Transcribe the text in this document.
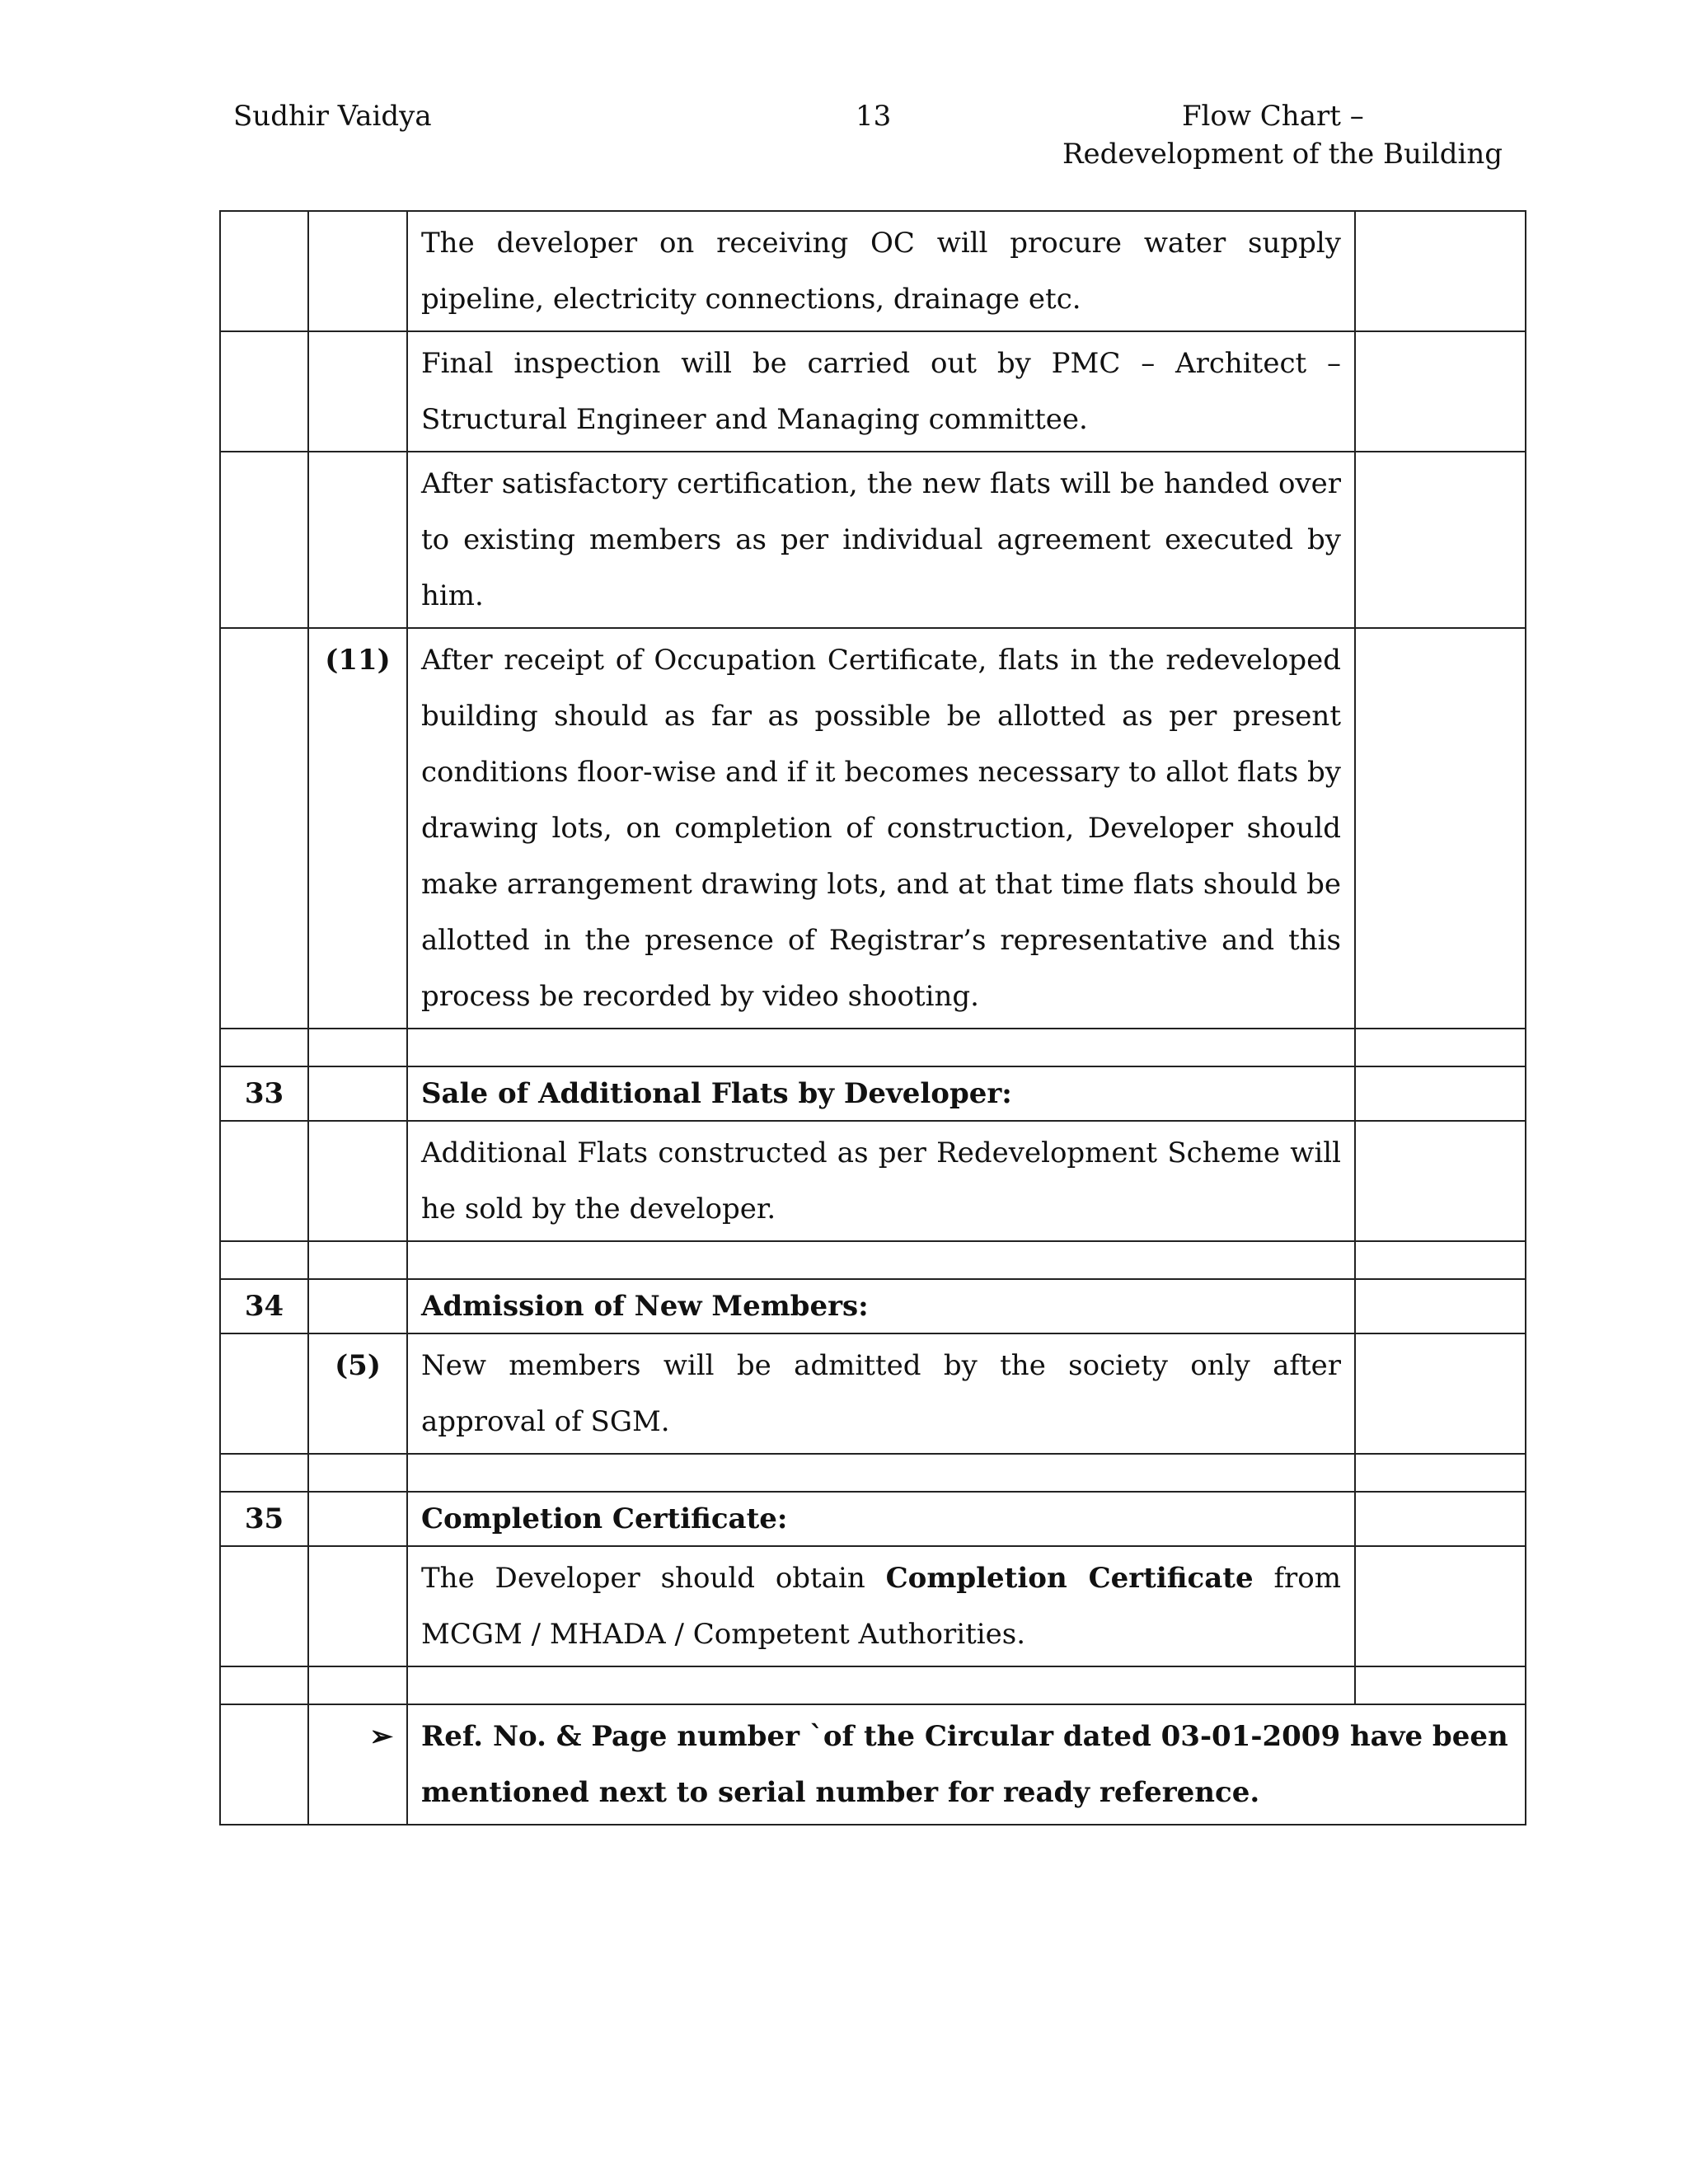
Sudhir Vaidya	13	Flow Chart –
Redevelopment of the Building
		The developer on receiving OC will procure water supply pipeline, electricity connections, drainage etc.	
		Final inspection will be carried out by PMC – Architect – Structural Engineer and Managing committee.	
		After satisfactory certification, the new flats will be handed over to existing members as per individual agreement executed by him.	
	(11)	After receipt of Occupation Certificate, flats in the redeveloped building should as far as possible be allotted as per present conditions floor-wise and if it becomes necessary to allot flats by drawing lots, on completion of construction, Developer should make arrangement drawing lots, and at that time flats should be allotted in the presence of Registrar’s representative and this process be recorded by video shooting.	

33		Sale of Additional Flats by Developer:	
		Additional Flats constructed as per Redevelopment Scheme will he sold by the developer.	

34		Admission of New Members:	
	(5)	New members will be admitted by the society only after approval of SGM.	

35		Completion Certificate:	
		The Developer should obtain Completion Certificate from MCGM / MHADA / Competent Authorities.	

	➢	Ref. No. & Page number `of the Circular dated 03-01-2009 have been mentioned next to serial number for ready reference.	
